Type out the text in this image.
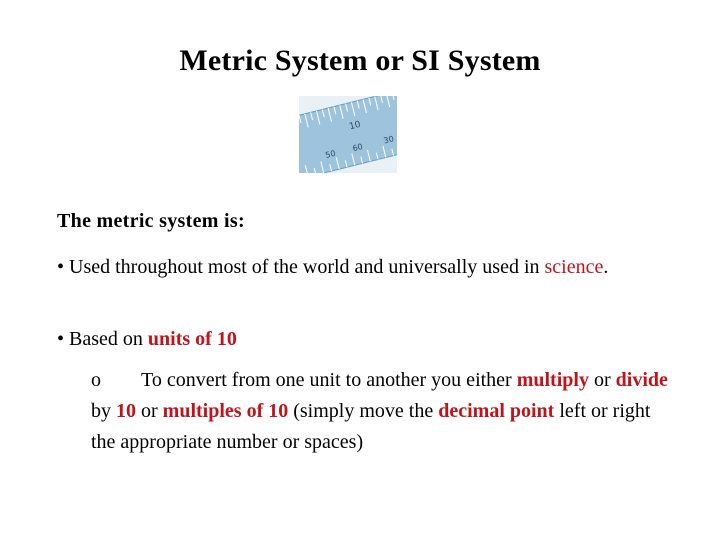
Metric System or SI System
10
50
60
30
The metric system is:
• Used throughout most of the world and universally used in science.
• Based on units of 10
o To convert from one unit to another you either multiply or divide by 10 or multiples of 10 (simply move the decimal point left or right the appropriate number or spaces)
